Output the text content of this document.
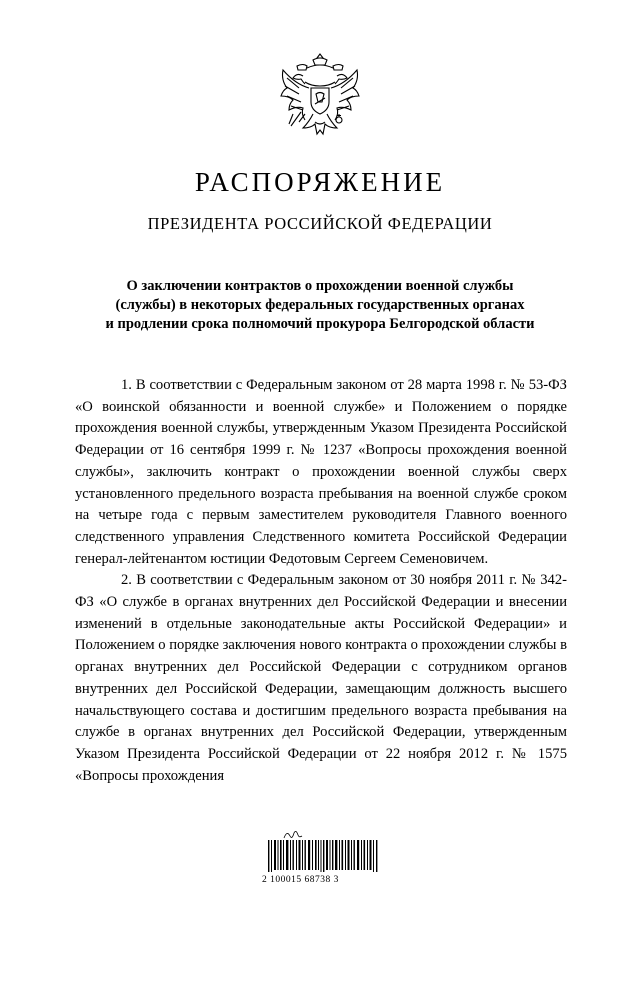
РАСПОРЯЖЕНИЕ
ПРЕЗИДЕНТА РОССИЙСКОЙ ФЕДЕРАЦИИ
О заключении контрактов о прохождении военной службы
(службы) в некоторых федеральных государственных органах
и продлении срока полномочий прокурора Белгородской области

1. В соответствии с Федеральным законом от 28 марта 1998 г. № 53-ФЗ «О воинской обязанности и военной службе» и Положением о порядке прохождения военной службы, утвержденным Указом Президента Российской Федерации от 16 сентября 1999 г. № 1237 «Вопросы прохождения военной службы», заключить контракт о прохождении военной службы сверх установленного предельного возраста пребывания на военной службе сроком на четыре года с первым заместителем руководителя Главного военного следственного управления Следственного комитета Российской Федерации генерал-лейтенантом юстиции Федотовым Сергеем Семеновичем.

2. В соответствии с Федеральным законом от 30 ноября 2011 г. № 342-ФЗ «О службе в органах внутренних дел Российской Федерации и внесении изменений в отдельные законодательные акты Российской Федерации» и Положением о порядке заключения нового контракта о прохождении службы в органах внутренних дел Российской Федерации с сотрудником органов внутренних дел Российской Федерации, замещающим должность высшего начальствующего состава и достигшим предельного возраста пребывания на службе в органах внутренних дел Российской Федерации, утвержденным Указом Президента Российской Федерации от 22 ноября 2012 г. № 1575 «Вопросы прохождения

2 100015 68738 3
